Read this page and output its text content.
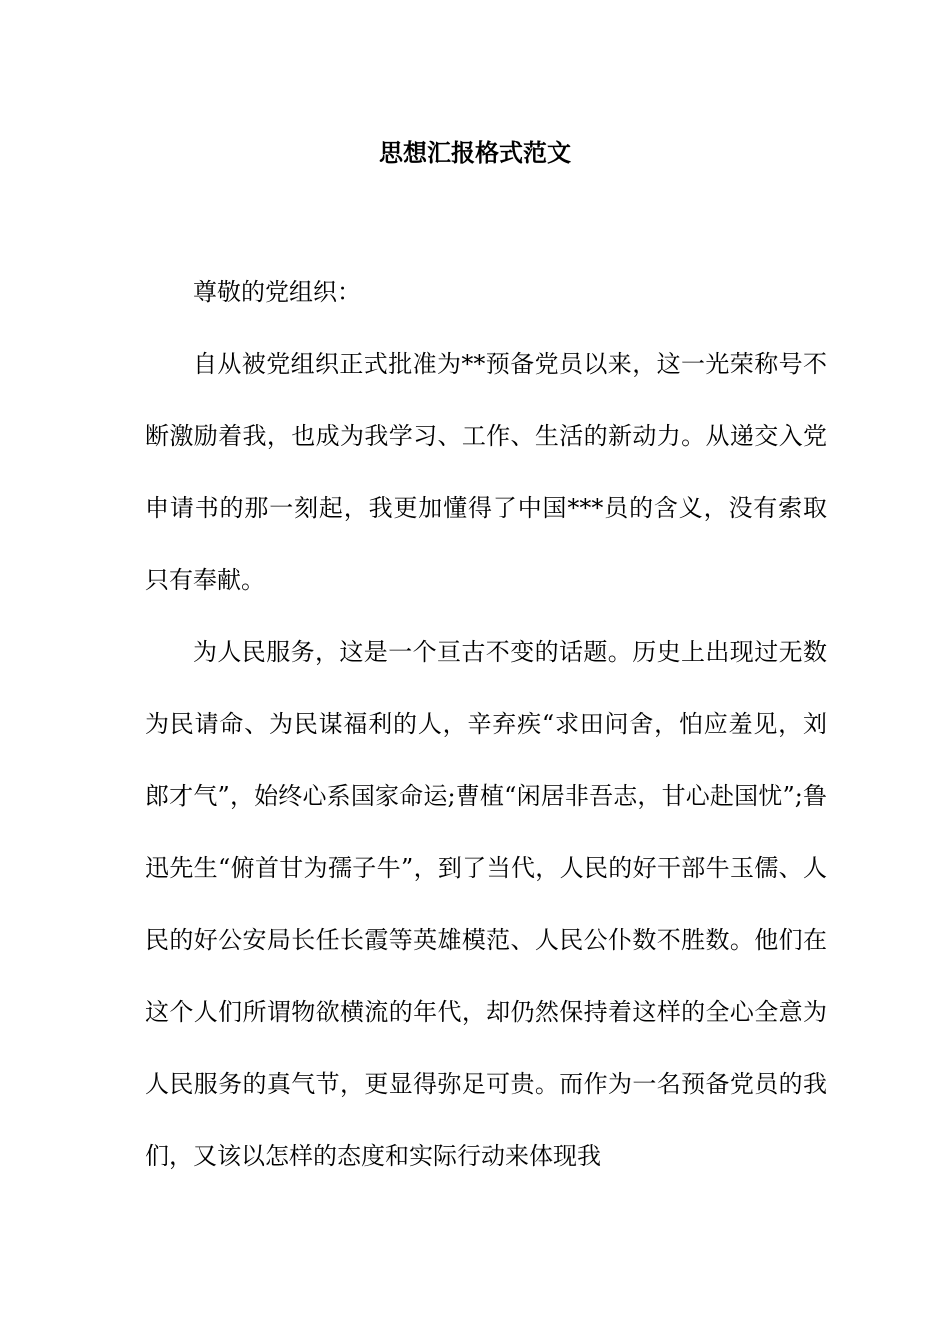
思想汇报格式范文

尊敬的党组织：

自从被党组织正式批准为**预备党员以来，这一光荣称号不断激励着我，也成为我学习、工作、生活的新动力。从递交入党申请书的那一刻起，我更加懂得了中国***员的含义，没有索取只有奉献。

为人民服务，这是一个亘古不变的话题。历史上出现过无数为民请命、为民谋福利的人，辛弃疾“求田问舍，怕应羞见，刘郎才气”，始终心系国家命运;曹植“闲居非吾志，甘心赴国忧”;鲁迅先生“俯首甘为孺子牛”，到了当代，人民的好干部牛玉儒、人民的好公安局长任长霞等英雄模范、人民公仆数不胜数。他们在这个人们所谓物欲横流的年代，却仍然保持着这样的全心全意为人民服务的真气节，更显得弥足可贵。而作为一名预备党员的我们，又该以怎样的态度和实际行动来体现我
